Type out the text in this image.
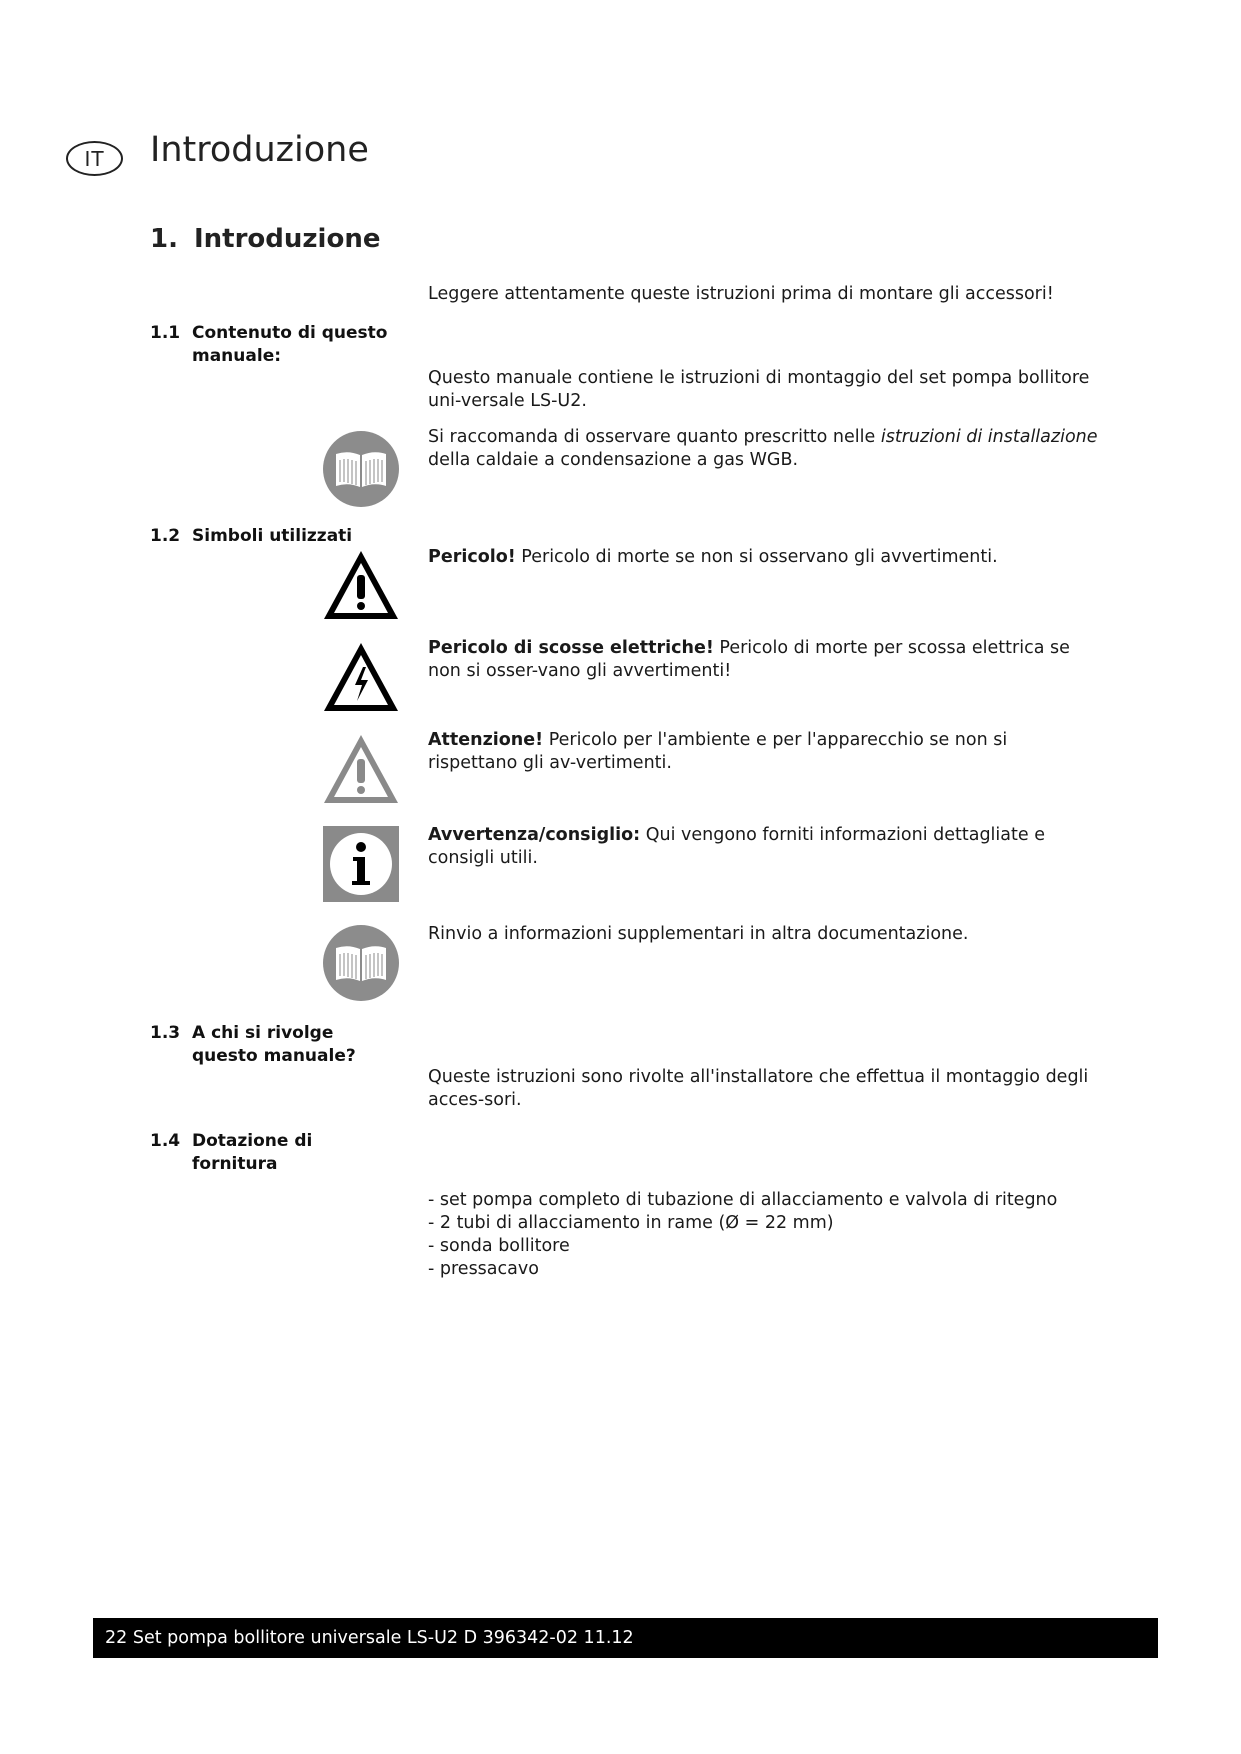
IT Introduzione
1. Introduzione

Leggere attentamente queste istruzioni prima di montare gli accessori!

1.1 Contenuto di questo manuale:

Questo manuale contiene le istruzioni di montaggio del set pompa bollitore uni-versale LS-U2.

Si raccomanda di osservare quanto prescritto nelle istruzioni di installazione della caldaie a condensazione a gas WGB.

1.2 Simboli utilizzati

Pericolo! Pericolo di morte se non si osservano gli avvertimenti.

Pericolo di scosse elettriche! Pericolo di morte per scossa elettrica se non si osser-vano gli avvertimenti!

Attenzione! Pericolo per l'ambiente e per l'apparecchio se non si rispettano gli av-vertimenti.

Avvertenza/consiglio: Qui vengono forniti informazioni dettagliate e consigli utili.

Rinvio a informazioni supplementari in altra documentazione.

1.3 A chi si rivolge questo manuale?

Queste istruzioni sono rivolte all'installatore che effettua il montaggio degli acces-sori.

1.4 Dotazione di fornitura
- set pompa completo di tubazione di allacciamento e valvola di ritegno
- 2 tubi di allacciamento in rame (Ø = 22 mm)
- sonda bollitore
- pressacavo
22 Set pompa bollitore universale LS-U2 D 396342-02 11.12
